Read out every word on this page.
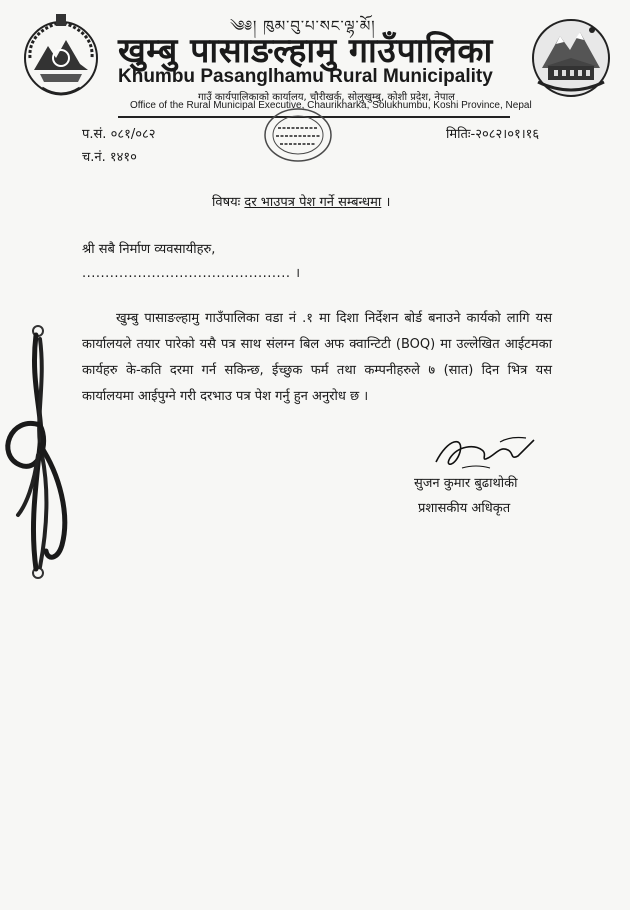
༄༅། ཁུམ་བུ་པ་སང་ལྷ་མོ།
खुम्बु पासाङल्हामु गाउँपालिका
Khumbu Pasanglhamu Rural Municipality
गाउँ कार्यपालिकाको कार्यालय, चौरीखर्क, सोलुखुम्बु, कोशी प्रदेश, नेपाल
Office of the Rural Municipal Executive, Chaurikharka, Solukhumbu, Koshi Province, Nepal
प.सं. ०८१/०८२
च.नं. १४१०
मितिः-२०८२।०१।१६
विषयः दर भाउपत्र पेश गर्ने सम्बन्धमा ।
श्री सबै निर्माण व्यवसायीहरु,
............................................. ।

खुम्बु पासाङल्हामु गाउँपालिका वडा नं .१ मा दिशा निर्देशन बोर्ड बनाउने कार्यको लागि यस कार्यालयले तयार पारेको यसै पत्र साथ संलग्न बिल अफ क्वान्टिटी (BOQ) मा उल्लेखित आईटमका कार्यहरु के-कति दरमा गर्न सकिन्छ, ईच्छुक फर्म तथा कम्पनीहरुले ७ (सात) दिन भित्र यस कार्यालयमा आईपुग्ने गरी दरभाउ पत्र पेश गर्नु हुन अनुरोध छ ।

सुजन कुमार बुढाथोकी
प्रशासकीय अधिकृत
